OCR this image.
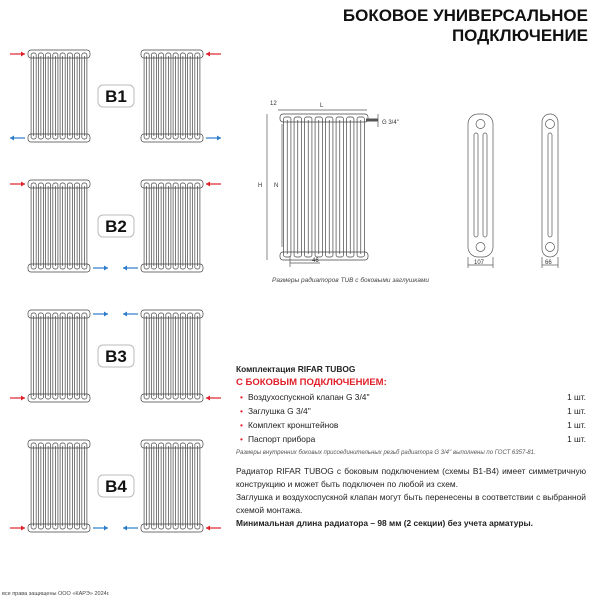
B1
B2
B3
B4
БОКОВОЕ УНИВЕРСАЛЬНОЕ
ПОДКЛЮЧЕНИЕ
12	L
G 3/4''
H N
46	107	66
Размеры радиаторов TUB с боковыми заглушками
Комплектация RIFAR TUBOG
С БОКОВЫМ ПОДКЛЮЧЕНИЕМ:
• Воздухоспускной клапан G 3/4''	1 шт.
• Заглушка G 3/4''	1 шт.
• Комплект кронштейнов	1 шт.
• Паспорт прибора	1 шт.
Размеры внутренних боковых присоединительных резьб радиатора G 3/4'' выполнены по ГОСТ 6357-81.
Радиатор RIFAR TUBOG с боковым подключением (схемы B1-B4) имеет симметричную конструкцию и может быть подключен по любой из схем.
Заглушка и воздухоспускной клапан могут быть перенесены в соответствии с выбранной схемой монтажа.
Минимальная длина радиатора – 98 мм (2 секции) без учета арматуры.
все права защищены ООО «КАРЭ» 2024г.
